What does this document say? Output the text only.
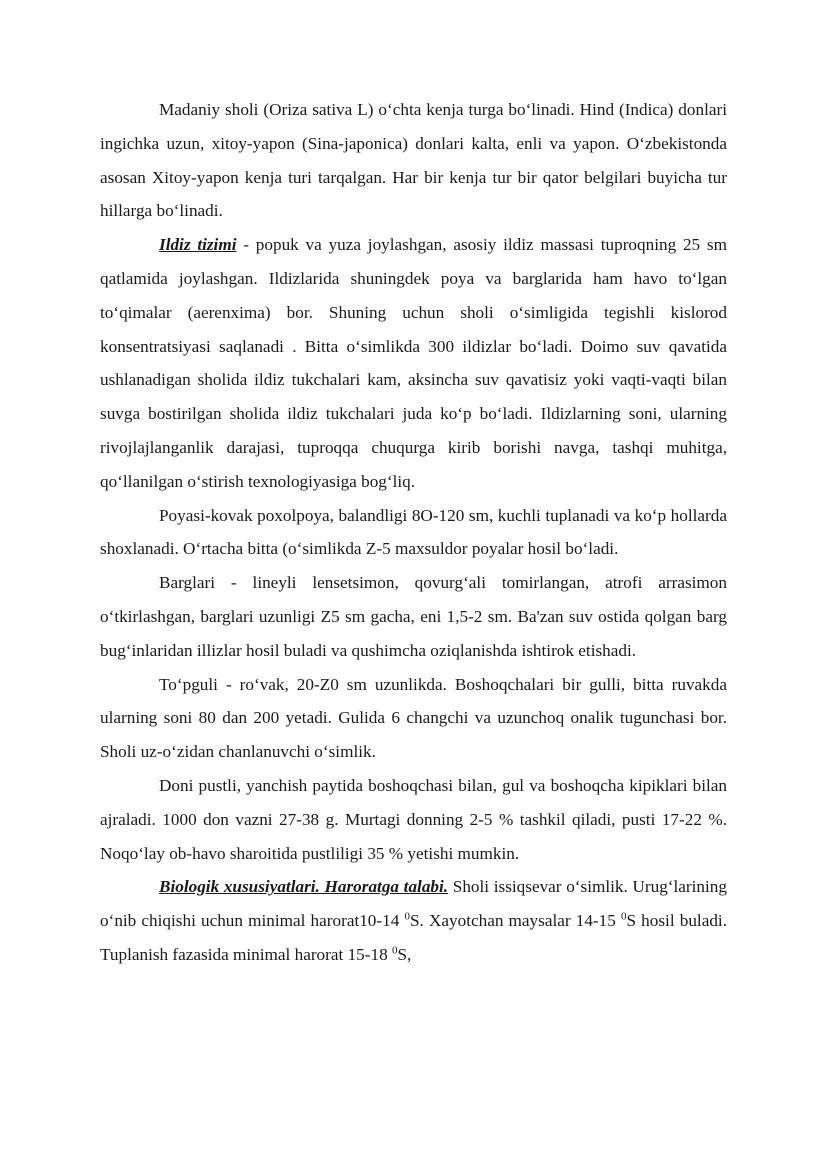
Madaniy sholi (Oriza sativa L) o‘chta kenja turga bo‘linadi. Hind (Indica) donlari ingichka uzun, xitoy-yapon (Sina-japonica) donlari kalta, enli va yapon. O‘zbekistonda asosan Xitoy-yapon kenja turi tarqalgan. Har bir kenja tur bir qator belgilari buyicha tur hillarga bo‘linadi.

Ildiz tizimi - popuk va yuza joylashgan, asosiy ildiz massasi tuproqning 25 sm qatlamida joylashgan. Ildizlarida shuningdek poya va barglarida ham havo to‘lgan to‘qimalar (aerenxima) bor. Shuning uchun sholi o‘simligida tegishli kislorod konsentratsiyasi saqlanadi . Bitta o‘simlikda 300 ildizlar bo‘ladi. Doimo suv qavatida ushlanadigan sholida ildiz tukchalari kam, aksincha suv qavatisiz yoki vaqti-vaqti bilan suvga bostirilgan sholida ildiz tukchalari juda ko‘p bo‘ladi. Ildizlarning soni, ularning rivojlajlanganlik darajasi, tuproqqa chuqurga kirib borishi navga, tashqi muhitga, qo‘llanilgan o‘stirish texnologiyasiga bog‘liq.

Poyasi-kovak poxolpoya, balandligi 8O-120 sm, kuchli tuplanadi va ko‘p hollarda shoxlanadi. O‘rtacha bitta (o‘simlikda Z-5 maxsuldor poyalar hosil bo‘ladi.

Barglari - lineyli lensetsimon, qovurg‘ali tomirlangan, atrofi arrasimon o‘tkirlashgan, barglari uzunligi Z5 sm gacha, eni 1,5-2 sm. Ba'zan suv ostida qolgan barg bug‘inlaridan illizlar hosil buladi va qushimcha oziqlanishda ishtirok etishadi.

To‘pguli - ro‘vak, 20-Z0 sm uzunlikda. Boshoqchalari bir gulli, bitta ruvakda ularning soni 80 dan 200 yetadi. Gulida 6 changchi va uzunchoq onalik tugunchasi bor. Sholi uz-o‘zidan chanlanuvchi o‘simlik.

Doni pustli, yanchish paytida boshoqchasi bilan, gul va boshoqcha kipiklari bilan ajraladi. 1000 don vazni 27-38 g. Murtagi donning 2-5 % tashkil qiladi, pusti 17-22 %. Noqo‘lay ob-havo sharoitida pustliligi 35 % yetishi mumkin.

Biologik xususiyatlari. Haroratga talabi. Sholi issiqsevar o‘simlik. Urug‘larining o‘nib chiqishi uchun minimal harorat10-14 $^0$S. Xayotchan maysalar 14-15 $^0$S hosil buladi. Tuplanish fazasida minimal harorat 15-18 $^0$S,
